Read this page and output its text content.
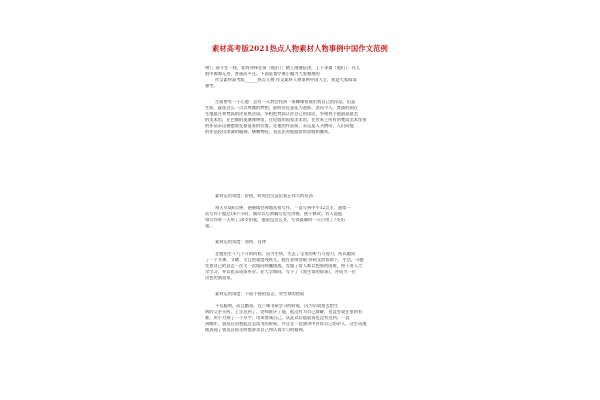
素材高考版2021热点人物素材人物事例中国作文范例
物）；奋斗在一线，矩终冲锋在前（他们）；踏上漫漫征途，上下求索（他们）。在人
群中淘淘无迹，普通而平凡。下面是查字典小编为大家整理的
作文素材高考版______热点人物 作文素材人物事例中国大全，欢迎大家阅读
参考。
生前曾有一个心愿：总有一天我会找到一家咖啡馆展出我自己的作品。但是
生前，就连这么一点点卑微的梦想，最终也化是化为泡影，悲而令人。梵高的画在
生地最凡和梵高的皮星胜法国，争相把梵高认作自己的国民，争相授予他最高最美
的美术馆，在巴黎的奥塞博物馆，在伦敦的国家美术馆，在世界上所有的梵高美术馆里
的作品永远被摆放在最显著的位置。在他的作品前，永远是人头攒动，人们向他
的作品投出虔诚的眼神，嘈嘈赞叹，表达出对他超常的崇敬和膜拜。
素材运用角度：价值，时间会沉淀出真正伟大的东西
每天早晨6点钟，便聚精会神地站着写作，一直写到中午12点半，通常一
次写作不超过14个小时。偶尔以后初稿写也写得慢，便于修改。有人说他
每写作时一天用了20支铅笔，他说没这么多，写得最顺时一天只用了7支铅
笔。
素材运用角度：坚持，自律
在她出生十九个月的时候，因为生病，失去了宝贵的听力与视力，所以她成
了一个又聋、又瞎、又且的重度残疾儿。她在老师安妮·莎莉文的帮助下，生活，可她
凭着自己的意志一次又一次地向病魔挑战，克服了常人难以想象的困难，终于进入大
学学习，并以优异成绩毕业。在大学期间，写下了《我生命的故事》，并成为一位
出色的演说家。
素材运用角度：不屈不挠的意志，对生命的热爱
不仅聪明，而且勤奋。在三味书屋学习的时候，因为早晨要去给生
病的父亲买药，上学迟到了。老师批评了他，他没有为自己辩解，也没有说在家的有
难，用小刀刻了一个早字，用来警诫自己，从此以后他就再也没有迟到，一直
到晚年，鲁迅还回想起过去读书的时候。并且在一次演讲中告诉自己的亲人。这生动地
地表现了鲁迅自始至终都要求自己和认真学习的精神。
